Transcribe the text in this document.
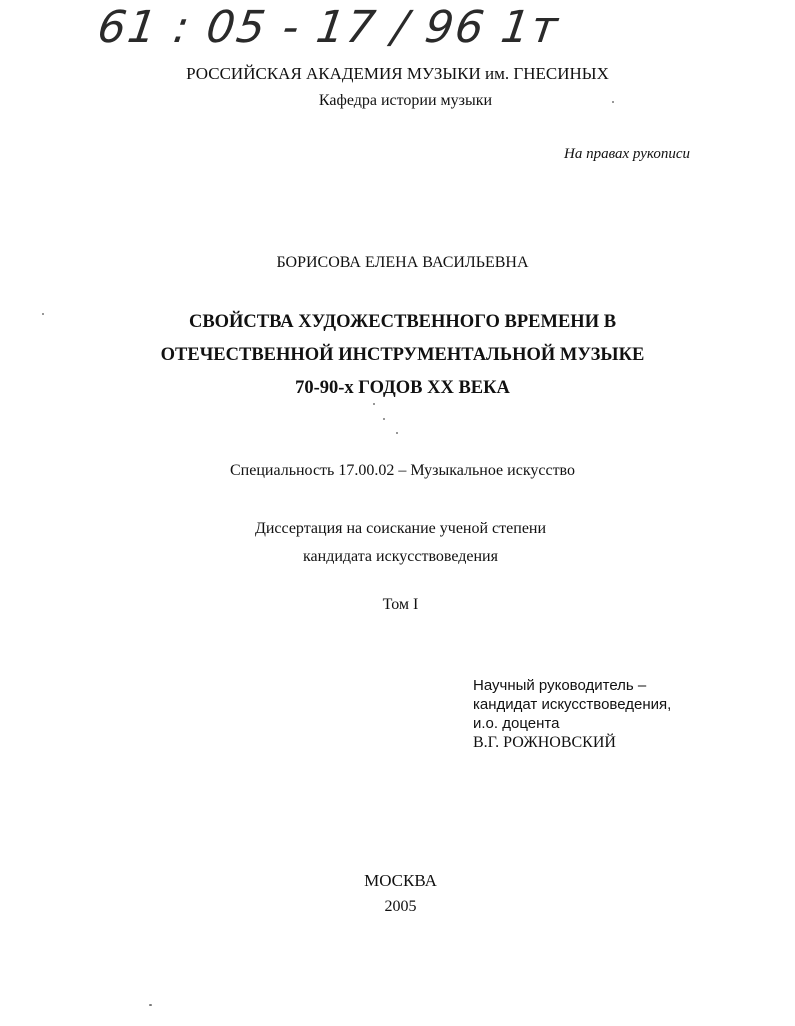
61 : 05 - 17 / 96 1т
РОССИЙСКАЯ АКАДЕМИЯ МУЗЫКИ им. ГНЕСИНЫХ
Кафедра истории музыки
На правах рукописи
БОРИСОВА ЕЛЕНА ВАСИЛЬЕВНА
СВОЙСТВА ХУДОЖЕСТВЕННОГО ВРЕМЕНИ В
ОТЕЧЕСТВЕННОЙ ИНСТРУМЕНТАЛЬНОЙ МУЗЫКЕ
70-90-х ГОДОВ XX ВЕКА
Специальность 17.00.02 – Музыкальное искусство
Диссертация на соискание ученой степени
кандидата искусствоведения
Том I
Научный руководитель –
кандидат искусствоведения,
и.о. доцента
В.Г. РОЖНОВСКИЙ
МОСКВА
2005
